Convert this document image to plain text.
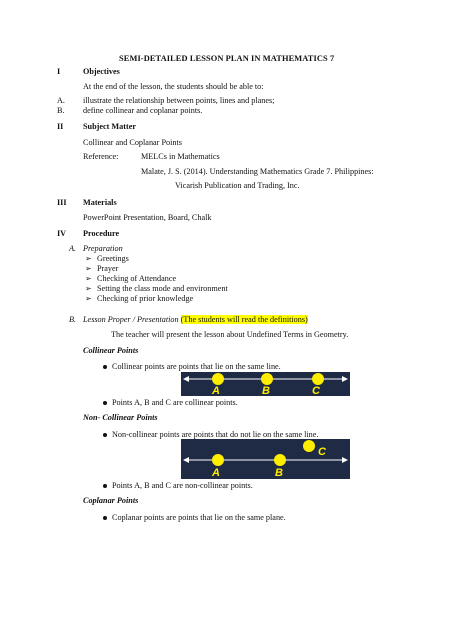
SEMI-DETAILED LESSON PLAN IN MATHEMATICS 7
I	Objectives
At the end of the lesson, the students should be able to:
A. illustrate the relationship between points, lines and planes;
B. define collinear and coplanar points.
II Subject Matter
Collinear and Coplanar Points
Reference:	MELCs in Mathematics
Malate, J. S. (2014). Understanding Mathematics Grade 7. Philippines:
Vicarish Publication and Trading, Inc.
III Materials
PowerPoint Presentation, Board, Chalk
IV Procedure
A. Preparation
➢ Greetings
➢ Prayer
➢ Checking of Attendance
➢ Setting the class mode and environment
➢ Checking of prior knowledge
B. Lesson Proper / Presentation (The students will read the definitions)
The teacher will present the lesson about Undefined Terms in Geometry.
Collinear Points
Collinear points are points that lie on the same line.
A	B	C
Points A, B and C are collinear points.
Non- Collinear Points
Non-collinear points are points that do not lie on the same line.
A	B
C
Points A, B and C are non-collinear points.
Coplanar Points
Coplanar points are points that lie on the same plane.
